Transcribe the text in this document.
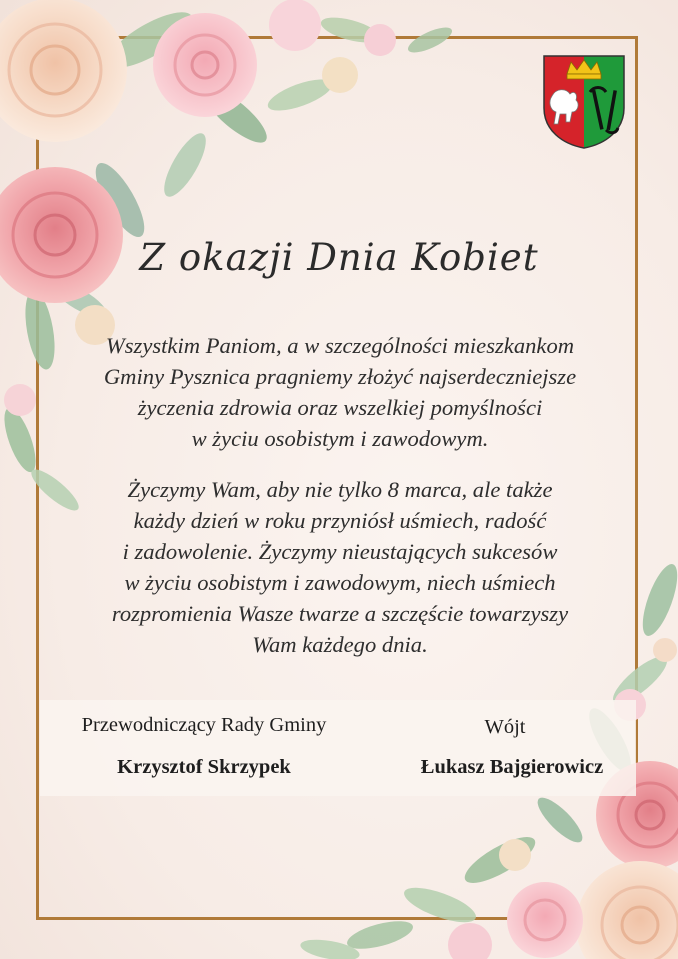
Z okazji Dnia Kobiet
Wszystkim Paniom, a w szczególności mieszkankom
Gminy Pysznica pragniemy złożyć najserdeczniejsze
życzenia zdrowia oraz wszelkiej pomyślności
w życiu osobistym i zawodowym.
Życzymy Wam, aby nie tylko 8 marca, ale także
każdy dzień w roku przyniósł uśmiech, radość
i zadowolenie. Życzymy nieustających sukcesów
w życiu osobistym i zawodowym, niech uśmiech
rozpromienia Wasze twarze a szczęście towarzyszy
Wam każdego dnia.
Przewodniczący Rady Gminy
Krzysztof Skrzypek
Wójt
Łukasz Bajgierowicz
